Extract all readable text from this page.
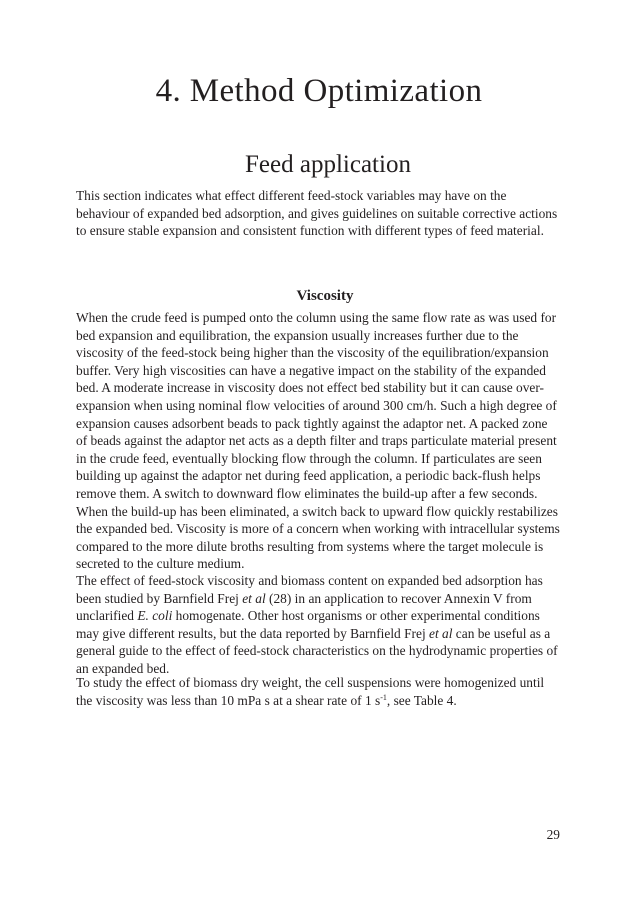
4. Method Optimization
Feed application

This section indicates what effect different feed-stock variables may have on the behaviour of expanded bed adsorption, and gives guidelines on suitable corrective actions to ensure stable expansion and consistent function with different types of feed material.

Viscosity

When the crude feed is pumped onto the column using the same flow rate as was used for bed expansion and equilibration, the expansion usually increases further due to the viscosity of the feed-stock being higher than the viscosity of the equilibration/expansion buffer. Very high viscosities can have a negative impact on the stability of the expanded bed. A moderate increase in viscosity does not effect bed stability but it can cause over-expansion when using nominal flow velocities of around 300 cm/h. Such a high degree of expansion causes adsorbent beads to pack tightly against the adaptor net. A packed zone of beads against the adaptor net acts as a depth filter and traps particulate material present in the crude feed, eventually blocking flow through the column. If particulates are seen building up against the adaptor net during feed application, a periodic back-flush helps remove them. A switch to downward flow eliminates the build-up after a few seconds. When the build-up has been eliminated, a switch back to upward flow quickly restabilizes the expanded bed. Viscosity is more of a concern when working with intracellular systems compared to the more dilute broths resulting from systems where the target molecule is secreted to the culture medium.

The effect of feed-stock viscosity and biomass content on expanded bed adsorption has been studied by Barnfield Frej et al (28) in an application to recover Annexin V from unclarified E. coli homogenate. Other host organisms or other experimental conditions may give different results, but the data reported by Barnfield Frej et al can be useful as a general guide to the effect of feed-stock characteristics on the hydrodynamic properties of an expanded bed.

To study the effect of biomass dry weight, the cell suspensions were homogenized until the viscosity was less than 10 mPa s at a shear rate of 1 $s^{-1}$, see Table 4.

29
